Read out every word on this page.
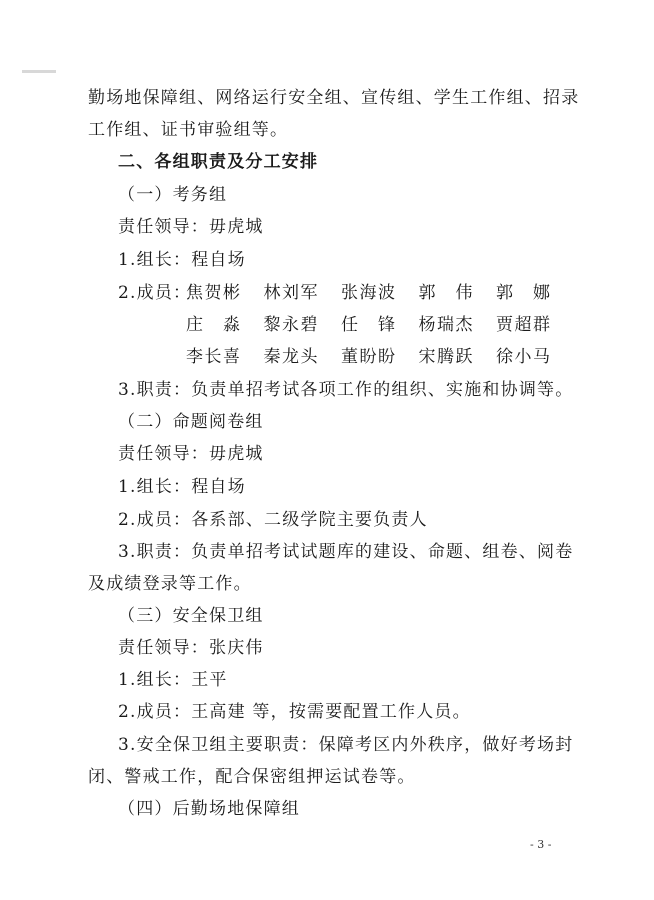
勤场地保障组、网络运行安全组、宣传组、学生工作组、招录
工作组、证书审验组等。
二、各组职责及分工安排
（一）考务组
责任领导：毋虎城
1.组长：程自场
2.成员：
焦贺彬 林刘军 张海波 郭　伟 郭　娜
庄　淼 黎永碧 任　锋 杨瑞杰 贾超群
李长喜 秦龙头 董盼盼 宋腾跃 徐小马
3.职责：负责单招考试各项工作的组织、实施和协调等。
（二）命题阅卷组
责任领导：毋虎城
1.组长：程自场
2.成员：各系部、二级学院主要负责人
3.职责：负责单招考试试题库的建设、命题、组卷、阅卷
及成绩登录等工作。
（三）安全保卫组
责任领导：张庆伟
1.组长：王平
2.成员：王高建 等，按需要配置工作人员。
3.安全保卫组主要职责：保障考区内外秩序，做好考场封
闭、警戒工作，配合保密组押运试卷等。
（四）后勤场地保障组
- 3 -
